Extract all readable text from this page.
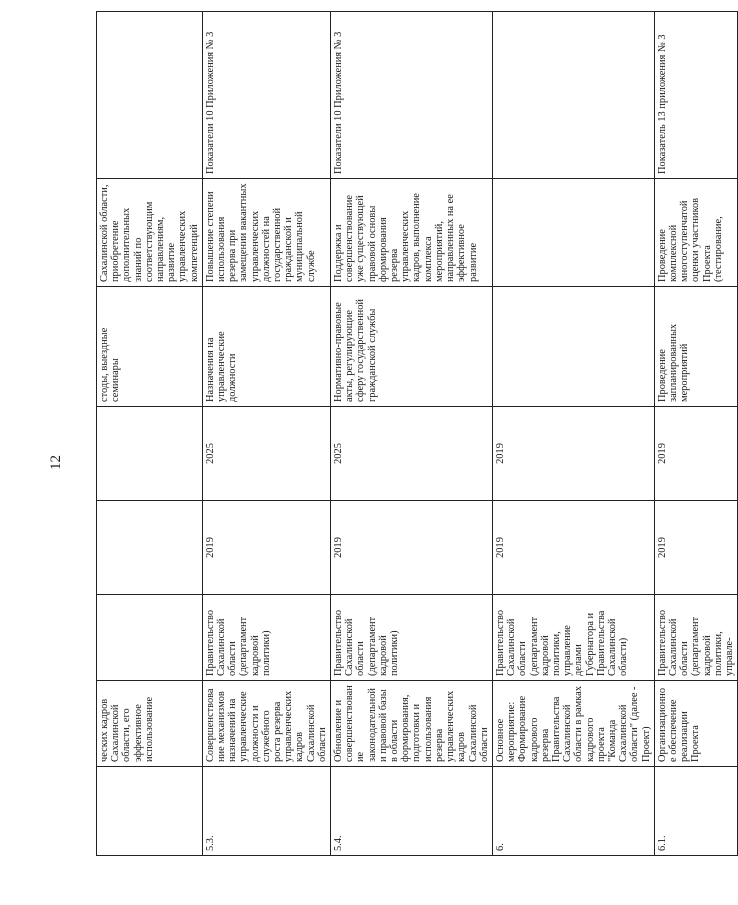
12
	ческих кадров Сахалинской области, его эффективное использование				стоды, выездные семинары	Сахалинской области, приобретение дополнительных знаний по соответствующим направлениям, развитие управленческих компетенций	
5.3.	Совершенствование механизмов назначений на управленческие должности и служебного роста резерва управленческих кадров Сахалинской области	Правительство Сахалинской области (департамент кадровой политики)	2019	2025	Назначения на управленческие должности	Повышение степени использования резерва при замещении вакантных управленческих должностей на государственной гражданской и муниципальной службе	Показатели 10 Приложения № 3
5.4.	Обновление и совершенствование законодательной и правовой базы в области формирования, подготовки и использования резерва управленческих кадров Сахалинской области	Правительство Сахалинской области (департамент кадровой политики)	2019	2025	Нормативно-правовые акты, регулирующие сферу государственной гражданской службы	Поддержка и совершенствование уже существующей правовой основы формирования резерва управленческих кадров, выполнение комплекса мероприятий, направленных на ее эффективное развитие	Показатели 10 Приложения № 3
6.	Основное мероприятие: Формирование кадрового резерва Правительства Сахалинской области в рамках кадрового проекта "Команда Сахалинской области" (далее - Проект)	Правительство Сахалинской области (департамент кадровой политики, управление делами Губернатора и Правительства Сахалинской области)	2019	2019			
6.1.	Организационное обеспечение реализации Проекта	Правительство Сахалинской области (департамент кадровой политики, управле-	2019	2019	Проведение запланированных мероприятий	Проведение комплексной многоступенчатой оценки участников Проекта (тестирование,	Показатель 13 приложения № 3
